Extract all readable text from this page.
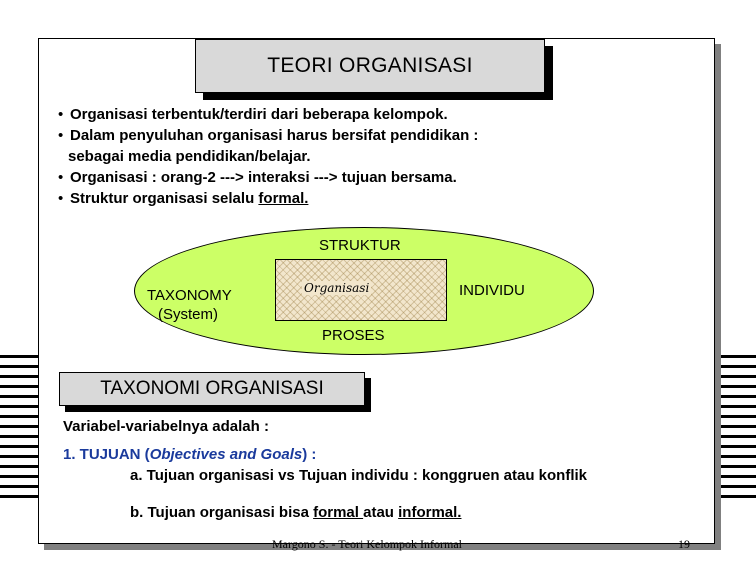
TEORI ORGANISASI
• Organisasi terbentuk/terdiri dari beberapa kelompok.
• Dalam penyuluhan organisasi harus bersifat pendidikan :
sebagai media pendidikan/belajar.
• Organisasi : orang-2 ---> interaksi ---> tujuan bersama.
• Struktur organisasi selalu formal.
STRUKTUR
TAXONOMY
(System)
Organisasi	INDIVIDU
PROSES
TAXONOMI ORGANISASI
Variabel-variabelnya adalah :
1. TUJUAN (Objectives and Goals) :
a. Tujuan organisasi vs Tujuan individu : konggruen atau konflik
b. Tujuan organisasi bisa formal atau informal.
Margono S. - Teori Kelompok Informal	19
